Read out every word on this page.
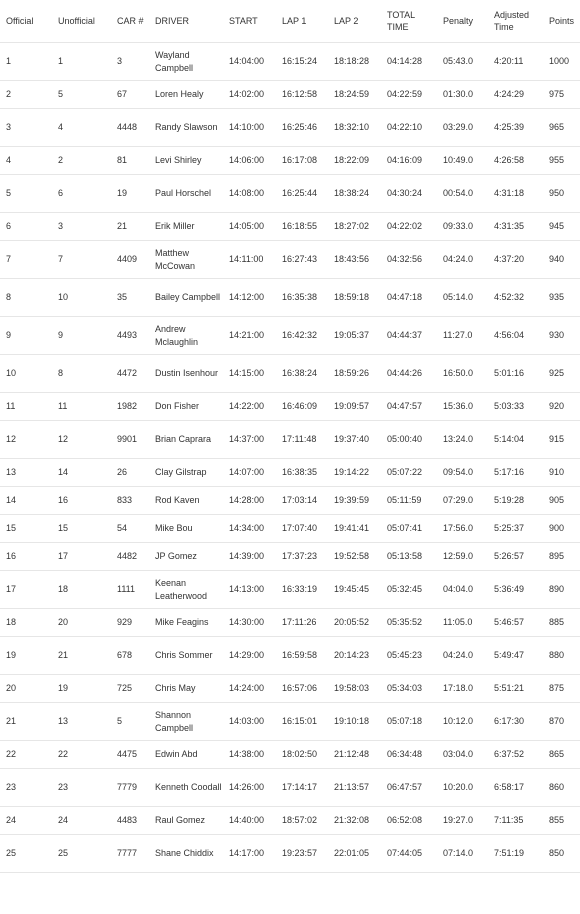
Official	Unofficial	CAR #	DRIVER	START	LAP 1	LAP 2	TOTAL TIME	Penalty	Adjusted Time	Points
1	1	3	Wayland Campbell	14:04:00	16:15:24	18:18:28	04:14:28	05:43.0	4:20:11	1000
2	5	67	Loren Healy	14:02:00	16:12:58	18:24:59	04:22:59	01:30.0	4:24:29	975
3	4	4448	Randy Slawson	14:10:00	16:25:46	18:32:10	04:22:10	03:29.0	4:25:39	965
4	2	81	Levi Shirley	14:06:00	16:17:08	18:22:09	04:16:09	10:49.0	4:26:58	955
5	6	19	Paul Horschel	14:08:00	16:25:44	18:38:24	04:30:24	00:54.0	4:31:18	950
6	3	21	Erik Miller	14:05:00	16:18:55	18:27:02	04:22:02	09:33.0	4:31:35	945
7	7	4409	Matthew McCowan	14:11:00	16:27:43	18:43:56	04:32:56	04:24.0	4:37:20	940
8	10	35	Bailey Campbell	14:12:00	16:35:38	18:59:18	04:47:18	05:14.0	4:52:32	935
9	9	4493	Andrew Mclaughlin	14:21:00	16:42:32	19:05:37	04:44:37	11:27.0	4:56:04	930
10	8	4472	Dustin Isenhour	14:15:00	16:38:24	18:59:26	04:44:26	16:50.0	5:01:16	925
11	11	1982	Don Fisher	14:22:00	16:46:09	19:09:57	04:47:57	15:36.0	5:03:33	920
12	12	9901	Brian Caprara	14:37:00	17:11:48	19:37:40	05:00:40	13:24.0	5:14:04	915
13	14	26	Clay Gilstrap	14:07:00	16:38:35	19:14:22	05:07:22	09:54.0	5:17:16	910
14	16	833	Rod Kaven	14:28:00	17:03:14	19:39:59	05:11:59	07:29.0	5:19:28	905
15	15	54	Mike Bou	14:34:00	17:07:40	19:41:41	05:07:41	17:56.0	5:25:37	900
16	17	4482	JP Gomez	14:39:00	17:37:23	19:52:58	05:13:58	12:59.0	5:26:57	895
17	18	1111	Keenan Leatherwood	14:13:00	16:33:19	19:45:45	05:32:45	04:04.0	5:36:49	890
18	20	929	Mike Feagins	14:30:00	17:11:26	20:05:52	05:35:52	11:05.0	5:46:57	885
19	21	678	Chris Sommer	14:29:00	16:59:58	20:14:23	05:45:23	04:24.0	5:49:47	880
20	19	725	Chris May	14:24:00	16:57:06	19:58:03	05:34:03	17:18.0	5:51:21	875
21	13	5	Shannon Campbell	14:03:00	16:15:01	19:10:18	05:07:18	10:12.0	6:17:30	870
22	22	4475	Edwin Abd	14:38:00	18:02:50	21:12:48	06:34:48	03:04.0	6:37:52	865
23	23	7779	Kenneth Coodall	14:26:00	17:14:17	21:13:57	06:47:57	10:20.0	6:58:17	860
24	24	4483	Raul Gomez	14:40:00	18:57:02	21:32:08	06:52:08	19:27.0	7:11:35	855
25	25	7777	Shane Chiddix	14:17:00	19:23:57	22:01:05	07:44:05	07:14.0	7:51:19	850
